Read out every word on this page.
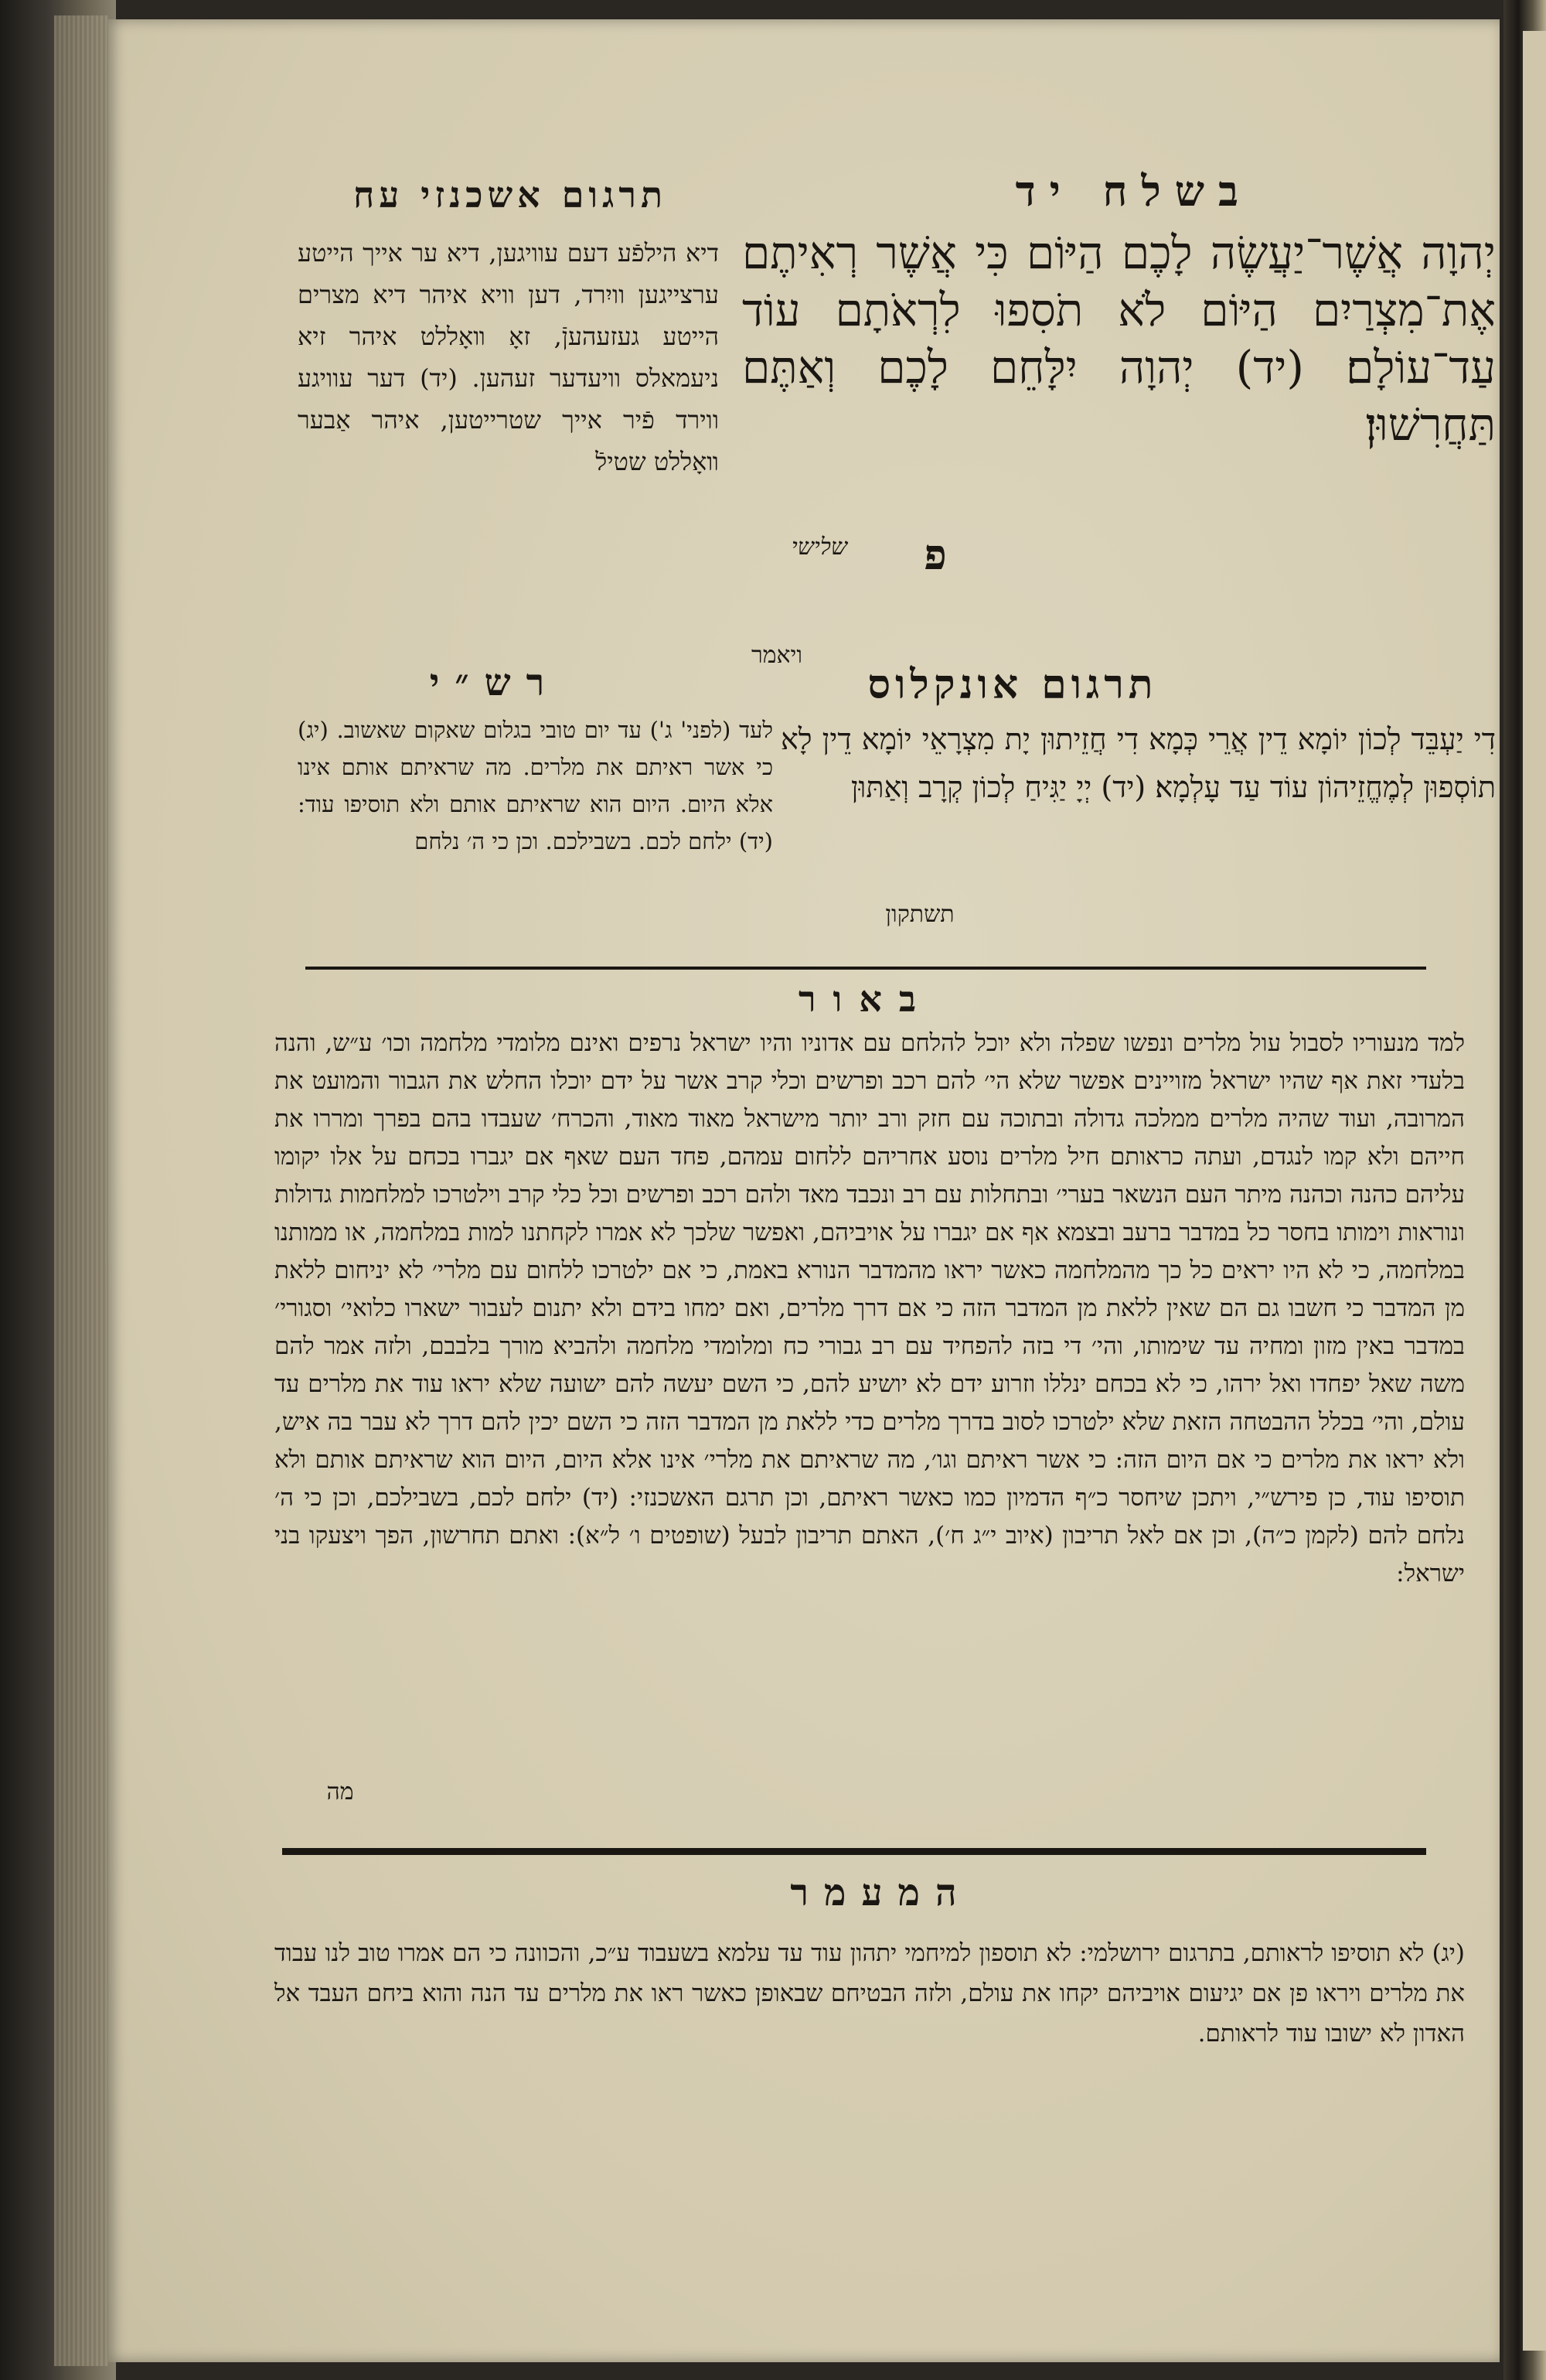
בשלח יד
יְהוָה אֲשֶׁר־יַעֲשֶׂה לָכֶם הַיּוֹם כִּי אֲשֶׁר רְאִיתֶם אֶת־מִצְרַיִם הַיּוֹם לֹא תֹסִפוּ לִרְאֹתָם עוֹד עַד־עוֹלָם׃ (יד) יְהוָה יִלָּחֵם לָכֶם וְאַתֶּם תַּחֲרִשׁוּן׃
שלישי	פ
תרגום אשכנזי עח
דיא הילפֿע דעם עוויגען, דיא ער אייך הייטע ערצייגען וויִרד, דען וויא איהר דיא מצרים הייטע געזעהעןֿ, זאָ װאָללט איהר זיא ניעמאלס וויעדער זעהען. (יד) דער עוויגע ווירד פֿיר אייך שטרייטען, איהר אַבער װאָללט שטילֿ
ויאמר
תרגום אונקלוס
דִי יַעְבֵּד לְכוֹן יוֹמָא דֵין אֲרֵי כְּמָא דִי חֲזֵיתוּן יָת מִצְרָאֵי יוֹמָא דֵין לָא תוֹסְפוּן לְמֶחֱזֵיהוֹן עוֹד עַד עָלְמָא׃ (יד) יְיָ יַגִּיחַ לְכוֹן קְרָב וְאַתּוּן
תשתקון
רש״י
לעד (לפני' ג') עד יום טובי בגלום שאקום שאשוב. (יג) כי אשר ראיתם את מלרים. מה שראיתם אותם אינו אלא היום. היום הוא שראיתם אותם ולא תוסיפו עוד: (יד) ילחם לכם. בשבילכם. וכן כי ה׳ נלחם
באור
למד מנעוריו לסבול עול מלרים ונפשו שפלה ולא יוכל להלחם עם אדוניו והיו ישראל נרפים ואינם מלומדי מלחמה וכו׳ ע״ש, והנה בלעדי זאת אף שהיו ישראל מזויינים אפשר שלא הי׳ להם רכב ופרשים וכלי קרב אשר על ידם יוכלו החלש את הגבור והמועט את המרובה, ועוד שהיה מלרים ממלכה גדולה ובתוכה עם חזק ורב יותר מישראל מאוד מאוד, והכרח׳ שעבדו בהם בפרך ומררו את חייהם ולא קמו לנגדם, ועתה כראותם חיל מלרים נוסע אחריהם ללחום עמהם, פחד העם שאף אם יגברו בכחם על אלו יקומו עליהם כהנה וכהנה מיתר העם הנשאר בערי׳ ובתחלות עם רב ונכבד מאד ולהם רכב ופרשים וכל כלי קרב וילטרכו למלחמות גדולות ונוראות וימותו בחסר כל במדבר ברעב ובצמא אף אם יגברו על אויביהם, ואפשר שלכך לא אמרו לקחתנו למות במלחמה, או ממותנו במלחמה, כי לא היו יראים כל כך מהמלחמה כאשר יראו מהמדבר הנורא באמת, כי אם ילטרכו ללחום עם מלרי׳ לא יניחום ללאת מן המדבר כי חשבו גם הם שאין ללאת מן המדבר הזה כי אם דרך מלרים, ואם ימחו בידם ולא יתנום לעבור ישארו כלואי׳ וסגורי׳ במדבר באין מזון ומחיה עד שימותו, והי׳ די בזה להפחיד עם רב גבורי כח ומלומדי מלחמה ולהביא מורך בלבבם, ולזה אמר להם משה שאל יפחדו ואל ירהו, כי לא בכחם ינללו וזרוע ידם לא יושיע להם, כי השם יעשה להם ישועה שלא יראו עוד את מלרים עד עולם, והי׳ בכלל ההבטחה הזאת שלא ילטרכו לסוב בדרך מלרים כדי ללאת מן המדבר הזה כי השם יכין להם דרך לא עבר בה איש, ולא יראו את מלרים כי אם היום הזה: כי אשר ראיתם וגו׳, מה שראיתם את מלרי׳ אינו אלא היום, היום הוא שראיתם אותם ולא תוסיפו עוד, כן פירש״י, ויתכן שיחסר כ״ף הדמיון כמו כאשר ראיתם, וכן תרגם האשכנזי: (יד) ילחם לכם, בשבילכם, וכן כי ה׳ נלחם להם (לקמן כ״ה), וכן אם לאל תריבון (איוב י״ג ח׳), האתם תריבון לבעל (שופטים ו׳ ל״א): ואתם תחרשון, הפך ויצעקו בני ישראל:
מה
המעמר
(יג) לא תוסיפו לראותם, בתרגום ירושלמי: לא תוספון למיחמי יתהון עוד עד עלמא בשעבוד ע״כ, והכוונה כי הם אמרו טוב לנו עבוד את מלרים ויראו פן אם יגיעום אויביהם יקחו את עולם, ולזה הבטיחם שבאופן כאשר ראו את מלרים עד הנה והוא ביחם העבד אל האדון לא ישובו עוד לראותם.
